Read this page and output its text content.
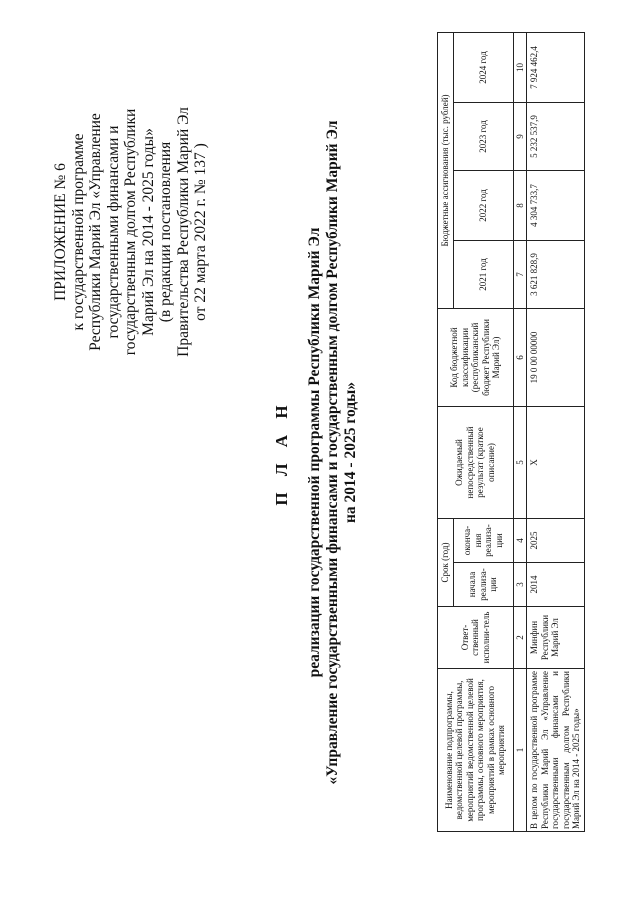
ПРИЛОЖЕНИЕ № 6 к государственной программе Республики Марий Эл «Управление государственными финансами и государственным долгом Республики Марий Эл на 2014 - 2025 годы» (в редакции постановления Правительства Республики Марий Эл от 22 марта 2022 г. № 137 )
П Л А Н реализации государственной программы Республики Марий Эл «Управление государственными финансами и государственным долгом Республики Марий Эл на 2014 - 2025 годы»
Наименование подпрограммы, ведомственной целевой программы, мероприятий ведомственной целевой программы, основного мероприятия, мероприятий в рамках основного мероприятия	Ответ-ственный исполни-тель	Срок (год)		Ожидаемый непосредственный результат (краткое описание)	Код бюджетной классификации (республиканский бюджет Республики Марий Эл)	Бюджетные ассигнования (тыс. рублей)			
		начала реализа-ции	оконча-ния реализа-ции			2021 год	2022 год	2023 год	2024 год
1	2	3	4	5	6	7	8	9	10
В целом по государственной программе Республики Марий Эл «Управление государственными финансами и государственным долгом Республики Марий Эл на 2014 - 2025 годы»	Минфин Республики Марий Эл	2014	2025	X	19 0 00 00000	3 621 828,9	4 304 733,7	5 232 537,9	7 924 462,4
